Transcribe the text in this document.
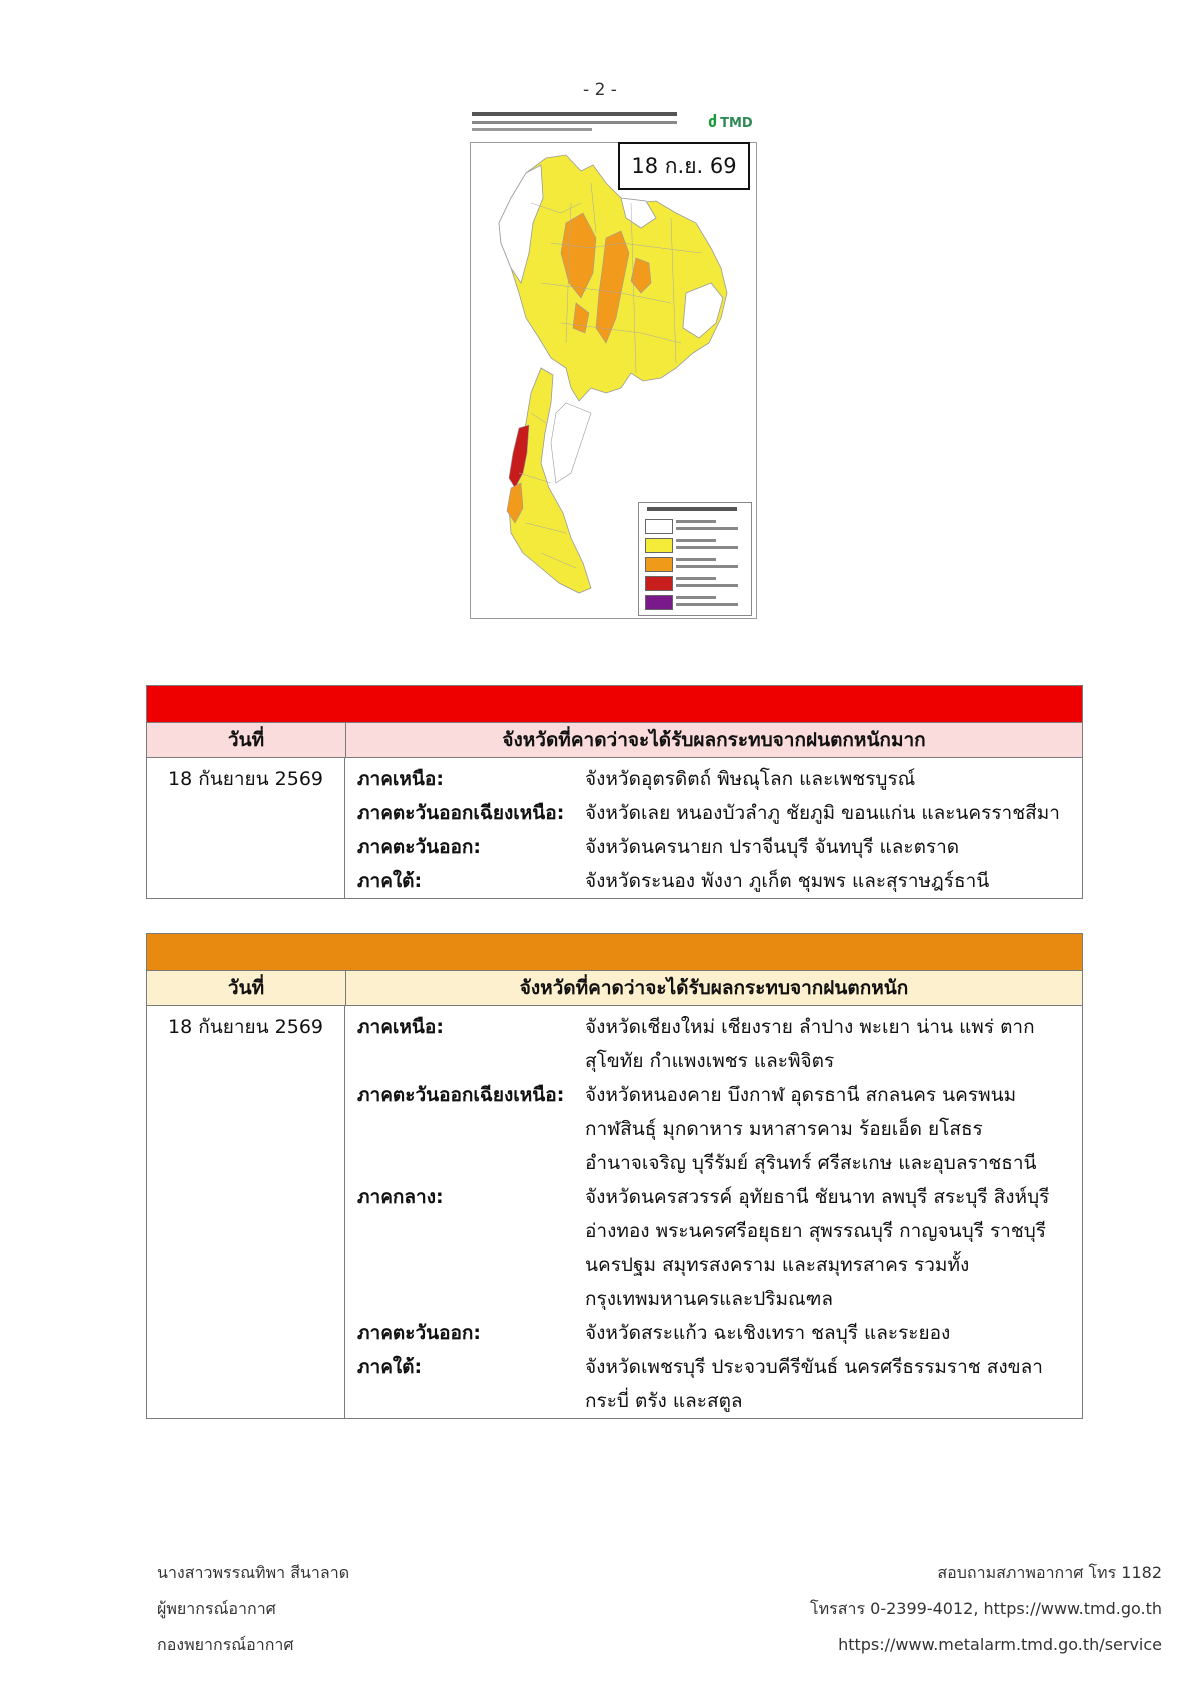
- 2 -
ძ TMD
18 ก.ย. 69
วันที่	จังหวัดที่คาดว่าจะได้รับผลกระทบจากฝนตกหนักมาก
18 กันยายน 2569	ภาคเหนือ:	จังหวัดอุตรดิตถ์ พิษณุโลก และเพชรบูรณ์
ภาคตะวันออกเฉียงเหนือ:	จังหวัดเลย หนองบัวลำภู ชัยภูมิ ขอนแก่น และนครราชสีมา
ภาคตะวันออก:	จังหวัดนครนายก ปราจีนบุรี จันทบุรี และตราด
ภาคใต้:	จังหวัดระนอง พังงา ภูเก็ต ชุมพร และสุราษฎร์ธานี
วันที่	จังหวัดที่คาดว่าจะได้รับผลกระทบจากฝนตกหนัก
18 กันยายน 2569	ภาคเหนือ:	จังหวัดเชียงใหม่ เชียงราย ลำปาง พะเยา น่าน แพร่ ตาก
สุโขทัย กำแพงเพชร และพิจิตร
ภาคตะวันออกเฉียงเหนือ:	จังหวัดหนองคาย บึงกาฬ อุดรธานี สกลนคร นครพนม
กาฬสินธุ์ มุกดาหาร มหาสารคาม ร้อยเอ็ด ยโสธร
อำนาจเจริญ บุรีรัมย์ สุรินทร์ ศรีสะเกษ และอุบลราชธานี
ภาคกลาง:	จังหวัดนครสวรรค์ อุทัยธานี ชัยนาท ลพบุรี สระบุรี สิงห์บุรี
อ่างทอง พระนครศรีอยุธยา สุพรรณบุรี กาญจนบุรี ราชบุรี
นครปฐม สมุทรสงคราม และสมุทรสาคร รวมทั้ง
กรุงเทพมหานครและปริมณฑล
ภาคตะวันออก:	จังหวัดสระแก้ว ฉะเชิงเทรา ชลบุรี และระยอง
ภาคใต้:	จังหวัดเพชรบุรี ประจวบคีรีขันธ์ นครศรีธรรมราช สงขลา
กระบี่ ตรัง และสตูล
นางสาวพรรณทิพา สีนาลาด
ผู้พยากรณ์อากาศ
กองพยากรณ์อากาศ
สอบถามสภาพอากาศ โทร 1182
โทรสาร 0-2399-4012, https://www.tmd.go.th
https://www.metalarm.tmd.go.th/service
